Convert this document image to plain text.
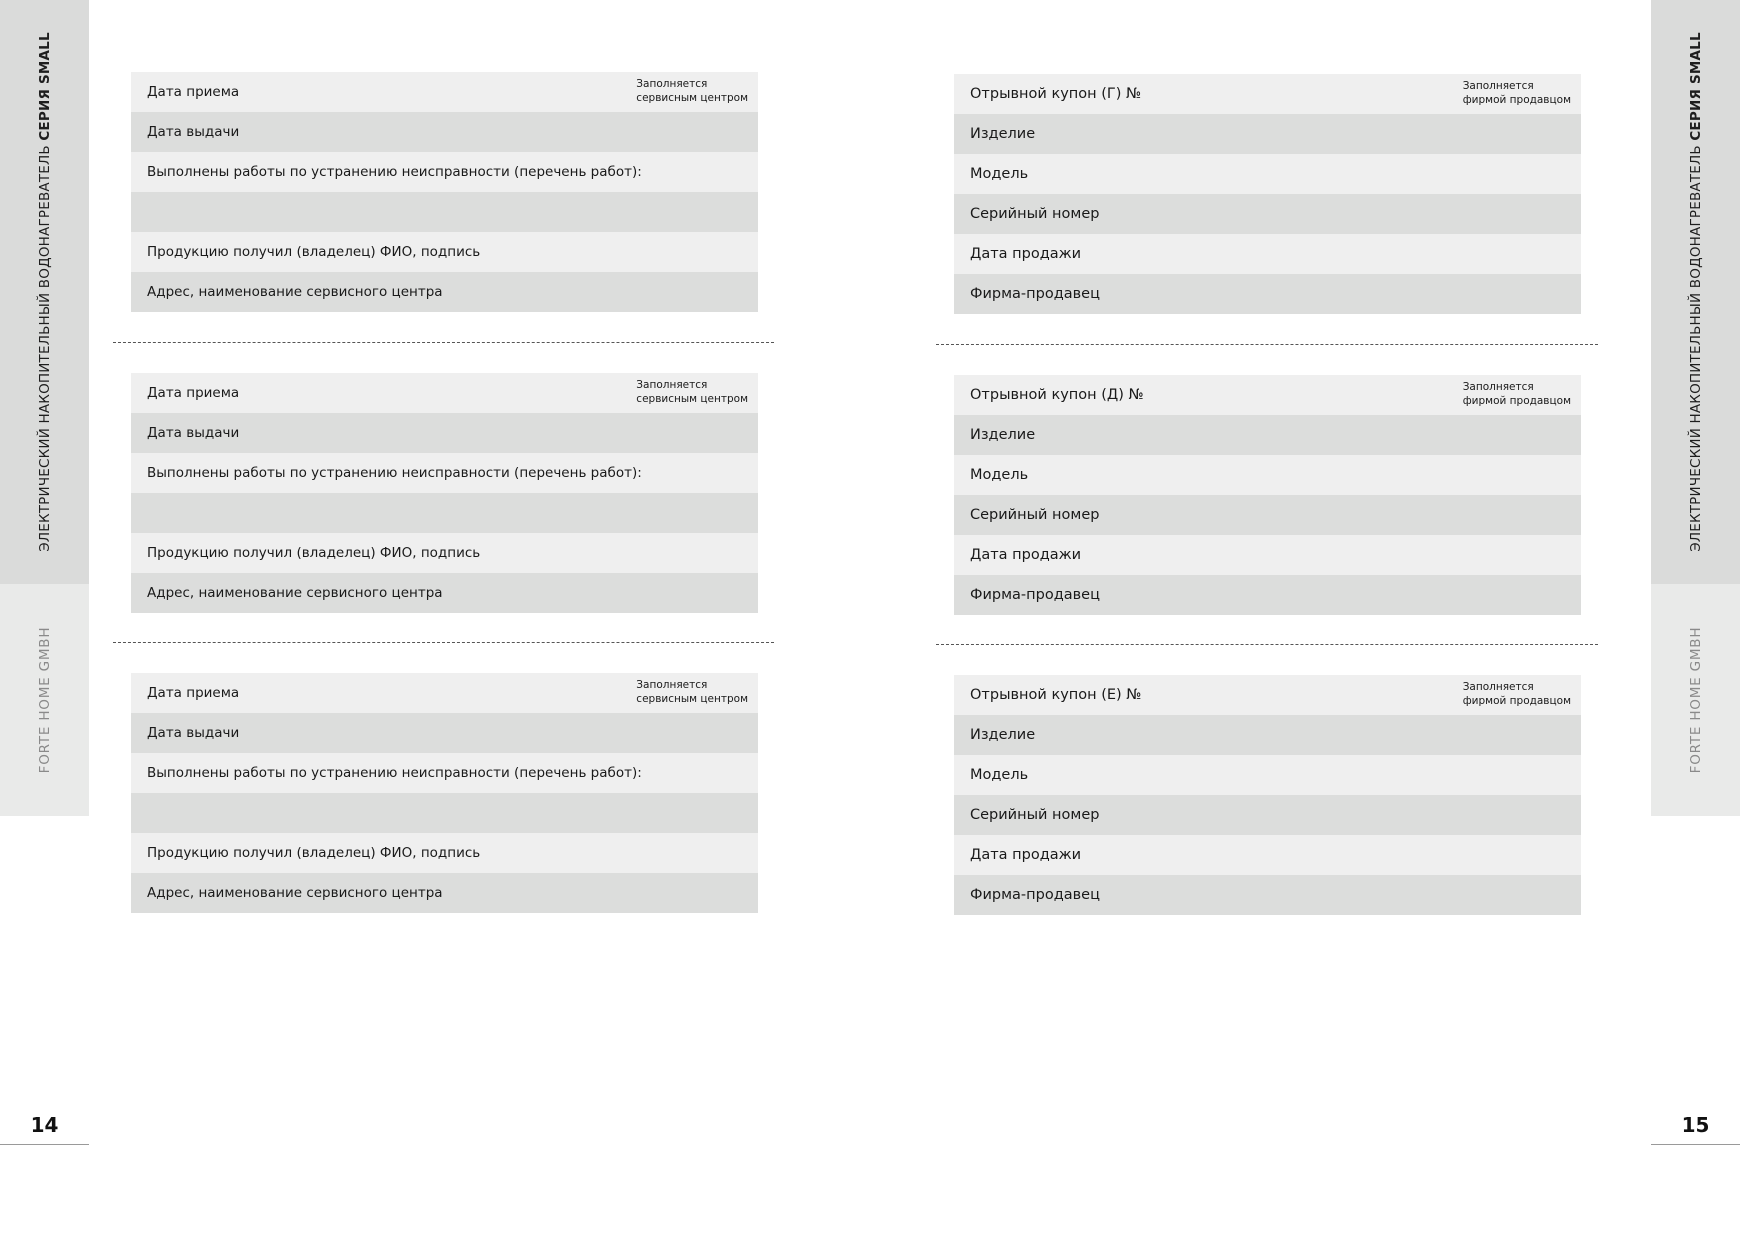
ЭЛЕКТРИЧЕСКИЙ НАКОПИТЕЛЬНЫЙ ВОДОНАГРЕВАТЕЛЬ СЕРИЯ SMALL
FORTE HOME GMBH
14
ЭЛЕКТРИЧЕСКИЙ НАКОПИТЕЛЬНЫЙ ВОДОНАГРЕВАТЕЛЬ СЕРИЯ SMALL
FORTE HOME GMBH
15
Дата приема	Заполняется
сервисным центром
Дата выдачи
Выполнены работы по устранению неисправности (перечень работ):
Продукцию получил (владелец) ФИО, подпись
Адрес, наименование сервисного центра
Дата приема	Заполняется
сервисным центром
Дата выдачи
Выполнены работы по устранению неисправности (перечень работ):
Продукцию получил (владелец) ФИО, подпись
Адрес, наименование сервисного центра
Дата приема	Заполняется
сервисным центром
Дата выдачи
Выполнены работы по устранению неисправности (перечень работ):
Продукцию получил (владелец) ФИО, подпись
Адрес, наименование сервисного центра
Отрывной купон (Г) №	Заполняется
фирмой продавцом
Изделие
Модель
Серийный номер
Дата продажи
Фирма-продавец
Отрывной купон (Д) №	Заполняется
фирмой продавцом
Изделие
Модель
Серийный номер
Дата продажи
Фирма-продавец
Отрывной купон (Е) №	Заполняется
фирмой продавцом
Изделие
Модель
Серийный номер
Дата продажи
Фирма-продавец
